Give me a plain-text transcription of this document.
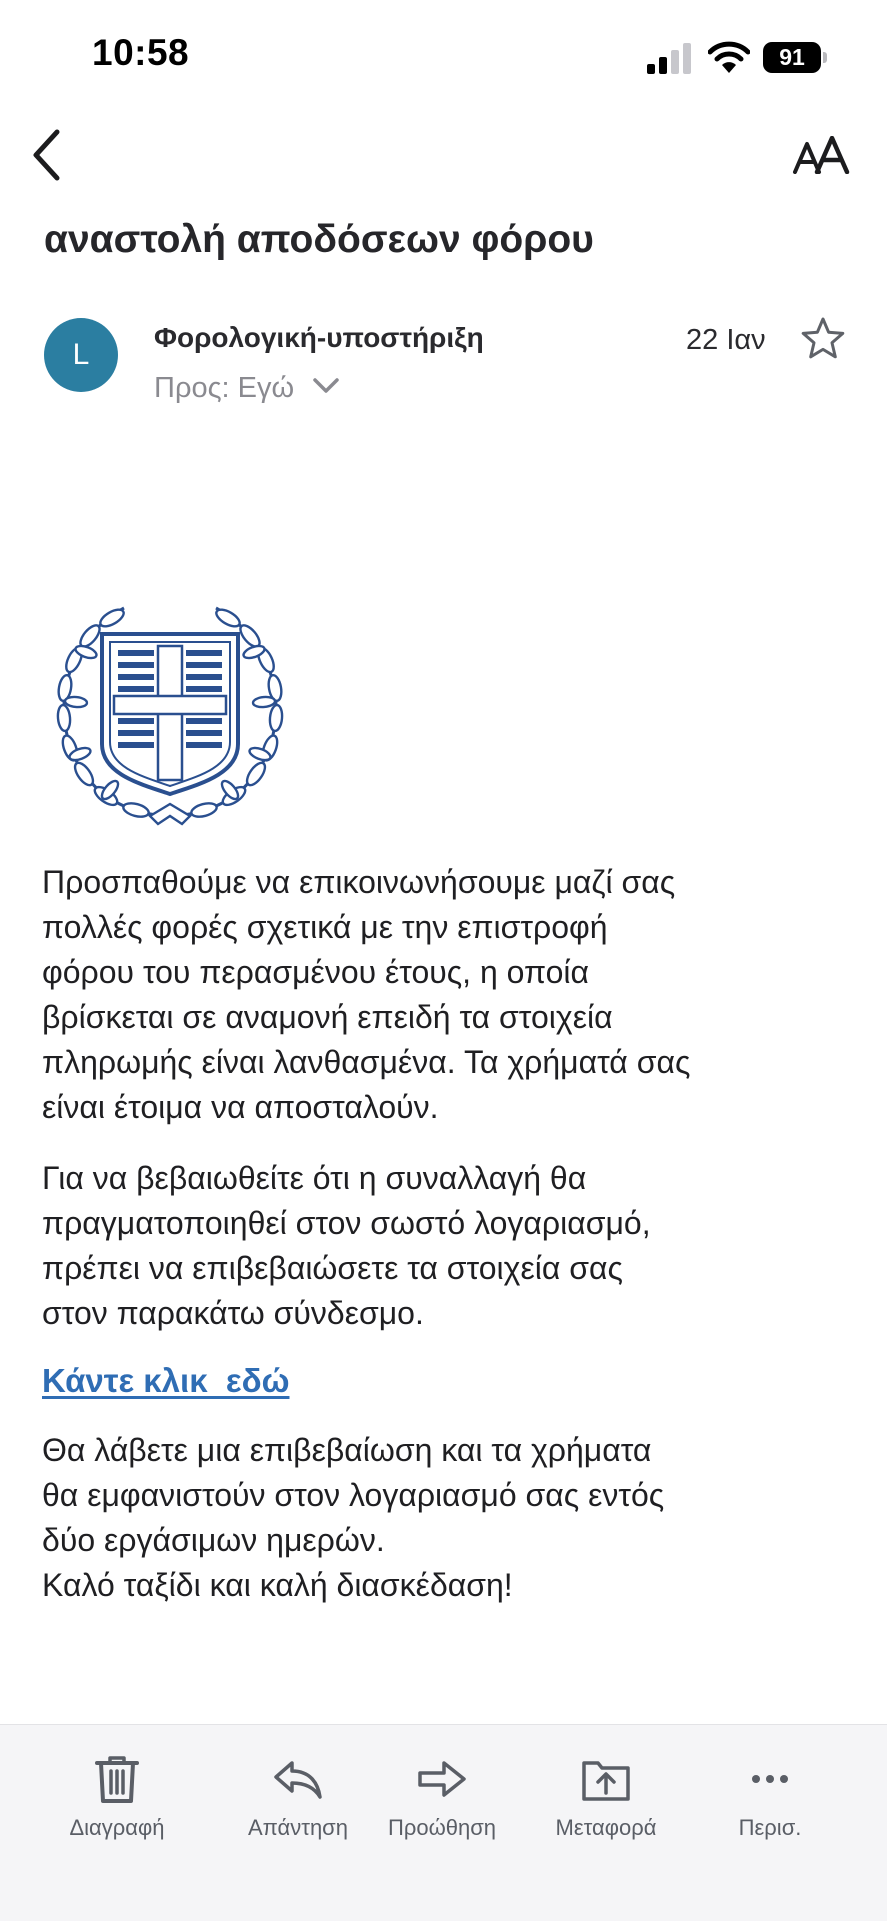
10:58	91
αναστολή αποδόσεων φόρου
L
Φορολογική-υποστήριξη
Προς: Εγώ
22 Ιαν
Προσπαθούμε να επικοινωνήσουμε μαζί σας
πολλές φορές σχετικά με την επιστροφή
φόρου του περασμένου έτους, η οποία
βρίσκεται σε αναμονή επειδή τα στοιχεία
πληρωμής είναι λανθασμένα. Τα χρήματά σας
είναι έτοιμα να αποσταλούν.
Για να βεβαιωθείτε ότι η συναλλαγή θα
πραγματοποιηθεί στον σωστό λογαριασμό,
πρέπει να επιβεβαιώσετε τα στοιχεία σας
στον παρακάτω σύνδεσμο.
Κάντε κλικ  εδώ
Θα λάβετε μια επιβεβαίωση και τα χρήματα
θα εμφανιστούν στον λογαριασμό σας εντός
δύο εργάσιμων ημερών.
Καλό ταξίδι και καλή διασκέδαση!
Διαγραφή	Απάντηση	Προώθηση	Μεταφορά	Περισ.
